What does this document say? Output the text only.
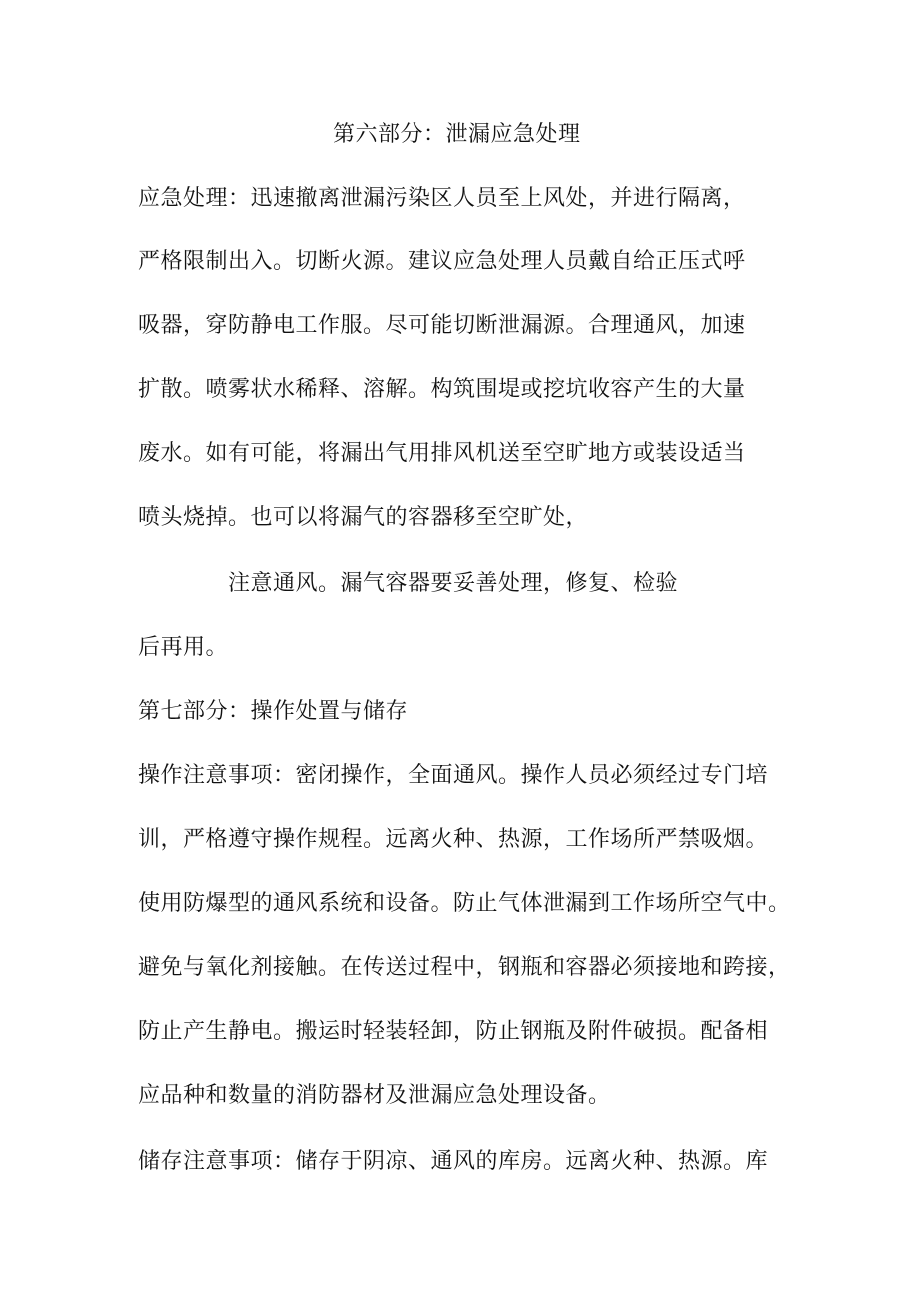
第六部分：泄漏应急处理
应急处理：迅速撤离泄漏污染区人员至上风处，并进行隔离，
严格限制出入。切断火源。建议应急处理人员戴自给正压式呼
吸器，穿防静电工作服。尽可能切断泄漏源。合理通风，加速
扩散。喷雾状水稀释、溶解。构筑围堤或挖坑收容产生的大量
废水。如有可能，将漏出气用排风机送至空旷地方或装设适当
喷头烧掉。也可以将漏气的容器移至空旷处，
注意通风。漏气容器要妥善处理，修复、检验
后再用。
第七部分：操作处置与储存
操作注意事项：密闭操作，全面通风。操作人员必须经过专门培
训，严格遵守操作规程。远离火种、热源，工作场所严禁吸烟。
使用防爆型的通风系统和设备。防止气体泄漏到工作场所空气中。
避免与氧化剂接触。在传送过程中，钢瓶和容器必须接地和跨接，
防止产生静电。搬运时轻装轻卸，防止钢瓶及附件破损。配备相
应品种和数量的消防器材及泄漏应急处理设备。
储存注意事项：储存于阴凉、通风的库房。远离火种、热源。库
